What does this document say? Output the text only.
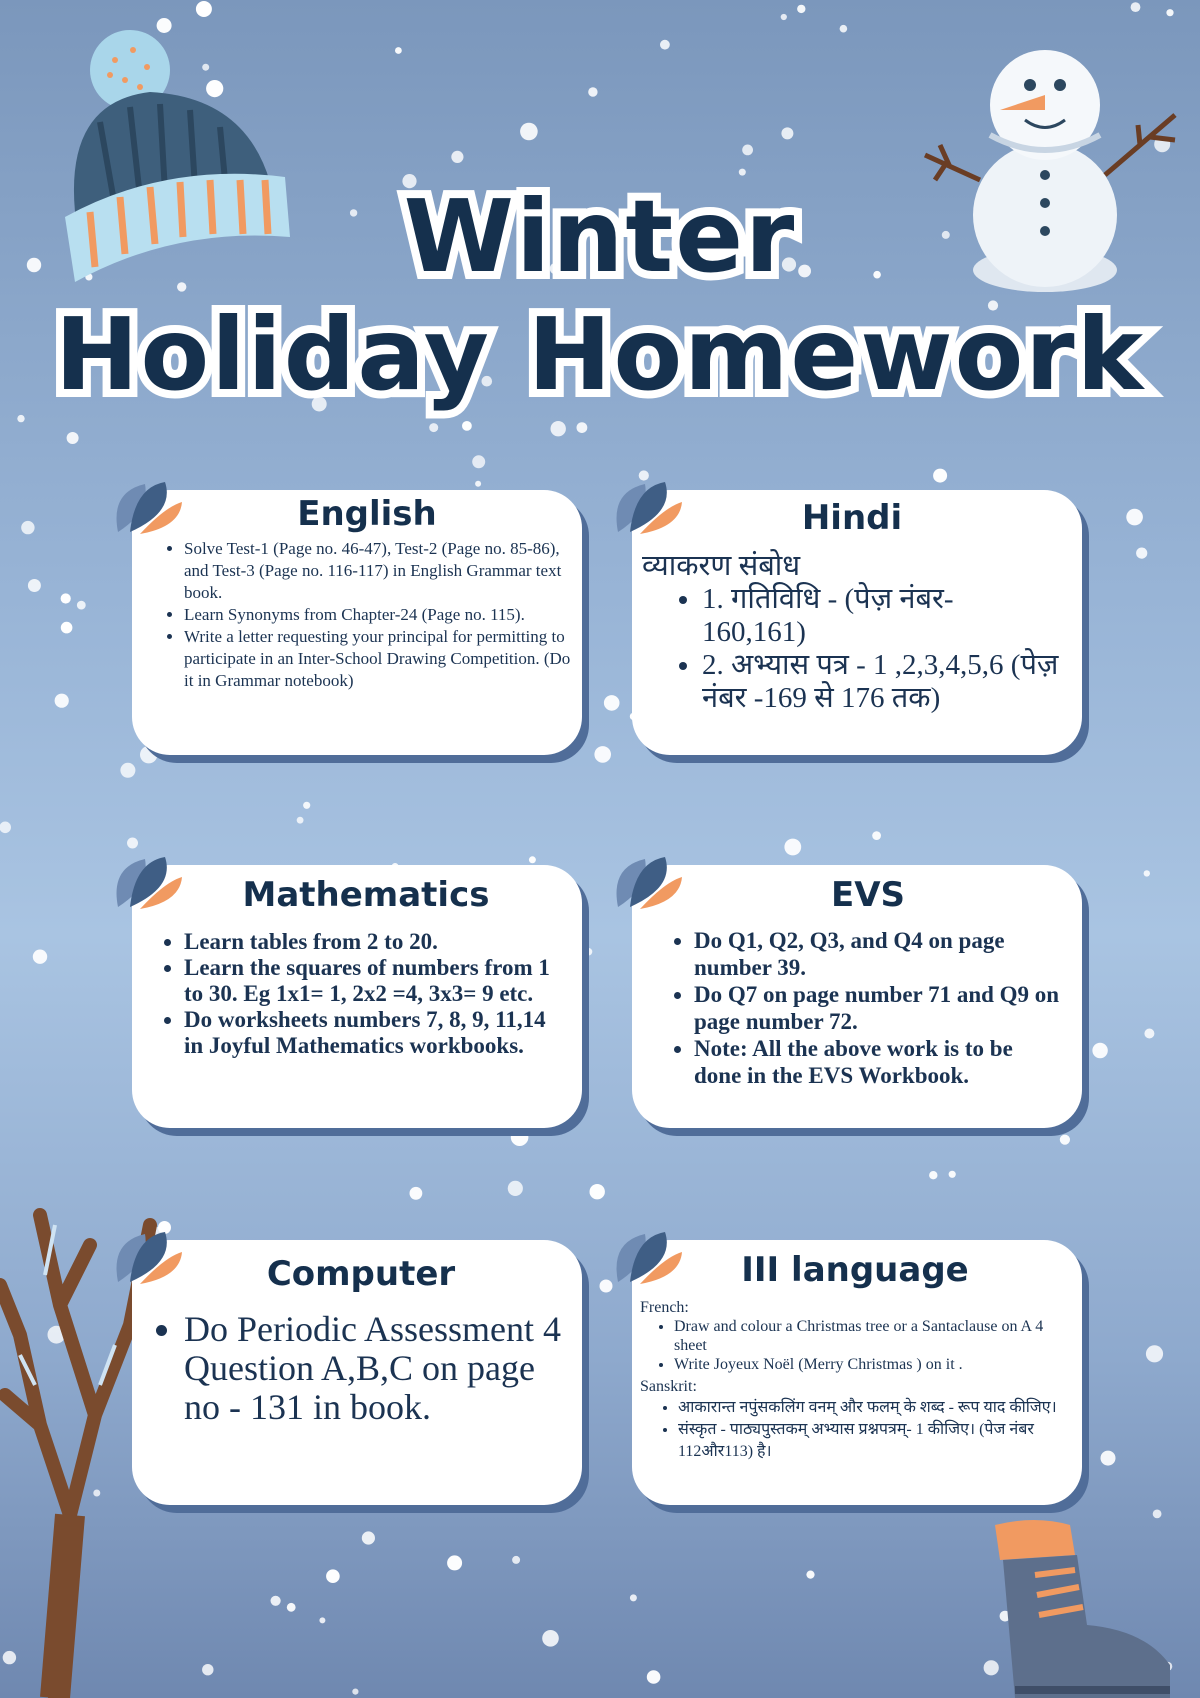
Winter
Holiday Homework
English
• Solve Test-1 (Page no. 46-47), Test-2 (Page no. 85-86), and Test-3 (Page no. 116-117) in English Grammar text book.
• Learn Synonyms from Chapter-24 (Page no. 115).
• Write a letter requesting your principal for permitting to participate in an Inter-School Drawing Competition. (Do it in Grammar notebook)
Hindi
व्याकरण संबोध
• 1. गतिविधि - (पेज़ नंबर- 160,161)
• 2. अभ्यास पत्र - 1 ,2,3,4,5,6 (पेज़ नंबर -169 से 176 तक)
Mathematics
• Learn tables from 2 to 20.
• Learn the squares of numbers from 1 to 30. Eg 1x1= 1, 2x2 =4, 3x3= 9 etc.
• Do worksheets numbers 7, 8, 9, 11,14 in Joyful Mathematics workbooks.
EVS
• Do Q1, Q2, Q3, and Q4 on page number 39.
• Do Q7 on page number 71 and Q9 on page number 72.
• Note: All the above work is to be done in the EVS Workbook.
Computer
• Do Periodic Assessment 4 Question A,B,C on page no - 131 in book.
III language
French:
• Draw and colour a Christmas tree or a Santaclause on A 4 sheet
• Write Joyeux Noël (Merry Christmas ) on it .
Sanskrit:
• आकारान्त नपुंसकलिंग वनम् और फलम् के शब्द - रूप याद कीजिए।
• संस्कृत - पाठ्यपुस्तकम् अभ्यास प्रश्नपत्रम्- 1 कीजिए। (पेज नंबर 112और113) है।
